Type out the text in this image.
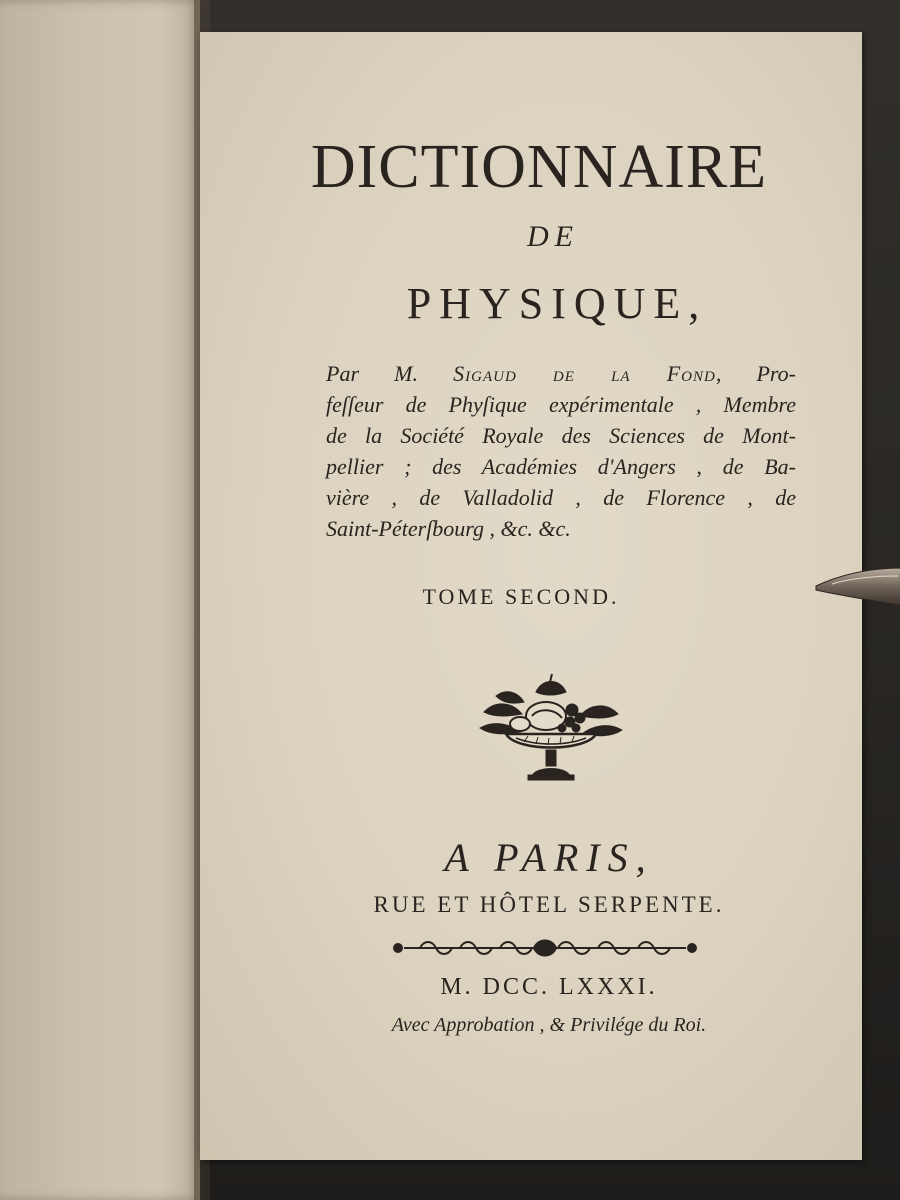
DICTIONNAIRE
DE
PHYSIQUE,
Par M. Sigaud de la Fond, Pro-
feſſeur de Phyſique expérimentale , Membre
de la Société Royale des Sciences de Mont-
pellier ; des Académies d'Angers , de Ba-
vière , de Valladolid , de Florence , de
Saint-Péterſbourg , &c. &c.
TOME SECOND.
A PARIS,
RUE ET HÔTEL SERPENTE.
M. DCC. LXXXI.
Avec Approbation , & Privilége du Roi.
